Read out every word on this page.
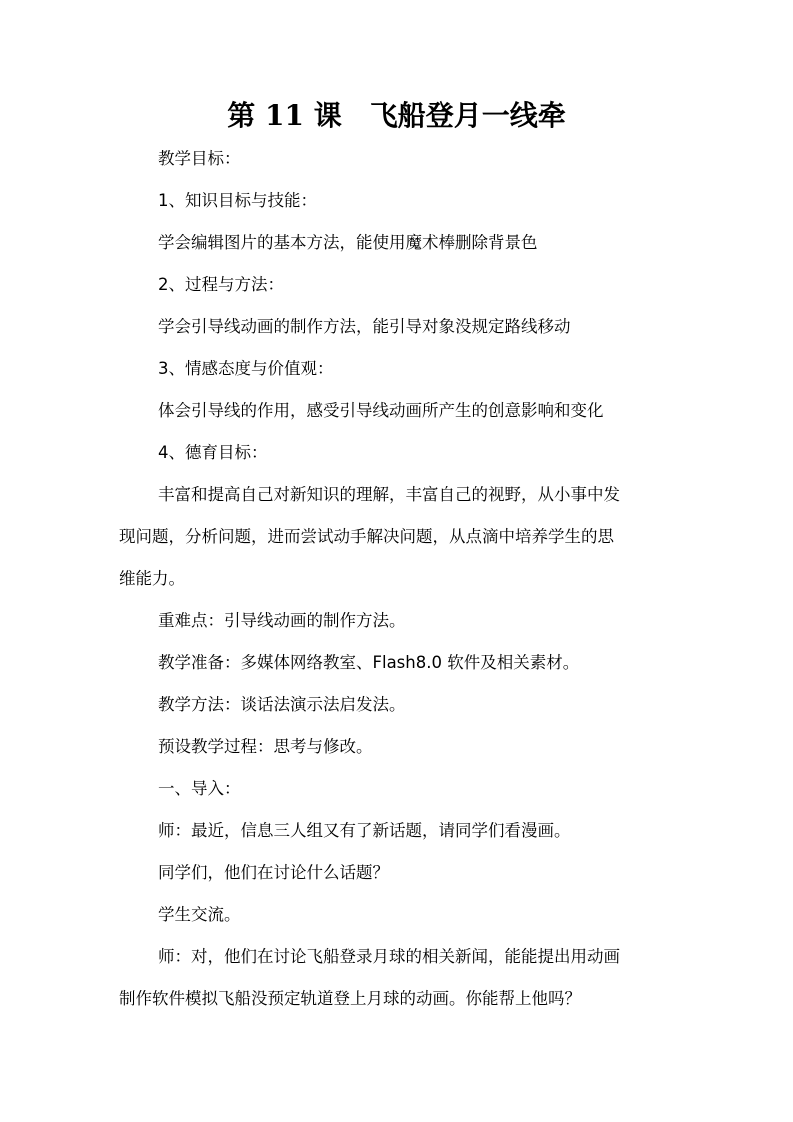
第 11 课　飞船登月一线牵
教学目标：
1、知识目标与技能：
学会编辑图片的基本方法，能使用魔术棒删除背景色
2、过程与方法：
学会引导线动画的制作方法，能引导对象没规定路线移动
3、情感态度与价值观：
体会引导线的作用，感受引导线动画所产生的创意影响和变化
4、德育目标：
丰富和提高自己对新知识的理解，丰富自己的视野，从小事中发
现问题，分析问题，进而尝试动手解决问题，从点滴中培养学生的思
维能力。
重难点：引导线动画的制作方法。
教学准备：多媒体网络教室、Flash8.0 软件及相关素材。
教学方法：谈话法演示法启发法。
预设教学过程：思考与修改。
一、导入：
师：最近，信息三人组又有了新话题，请同学们看漫画。
同学们，他们在讨论什么话题？
学生交流。
师：对，他们在讨论飞船登录月球的相关新闻，能能提出用动画
制作软件模拟飞船没预定轨道登上月球的动画。你能帮上他吗？
